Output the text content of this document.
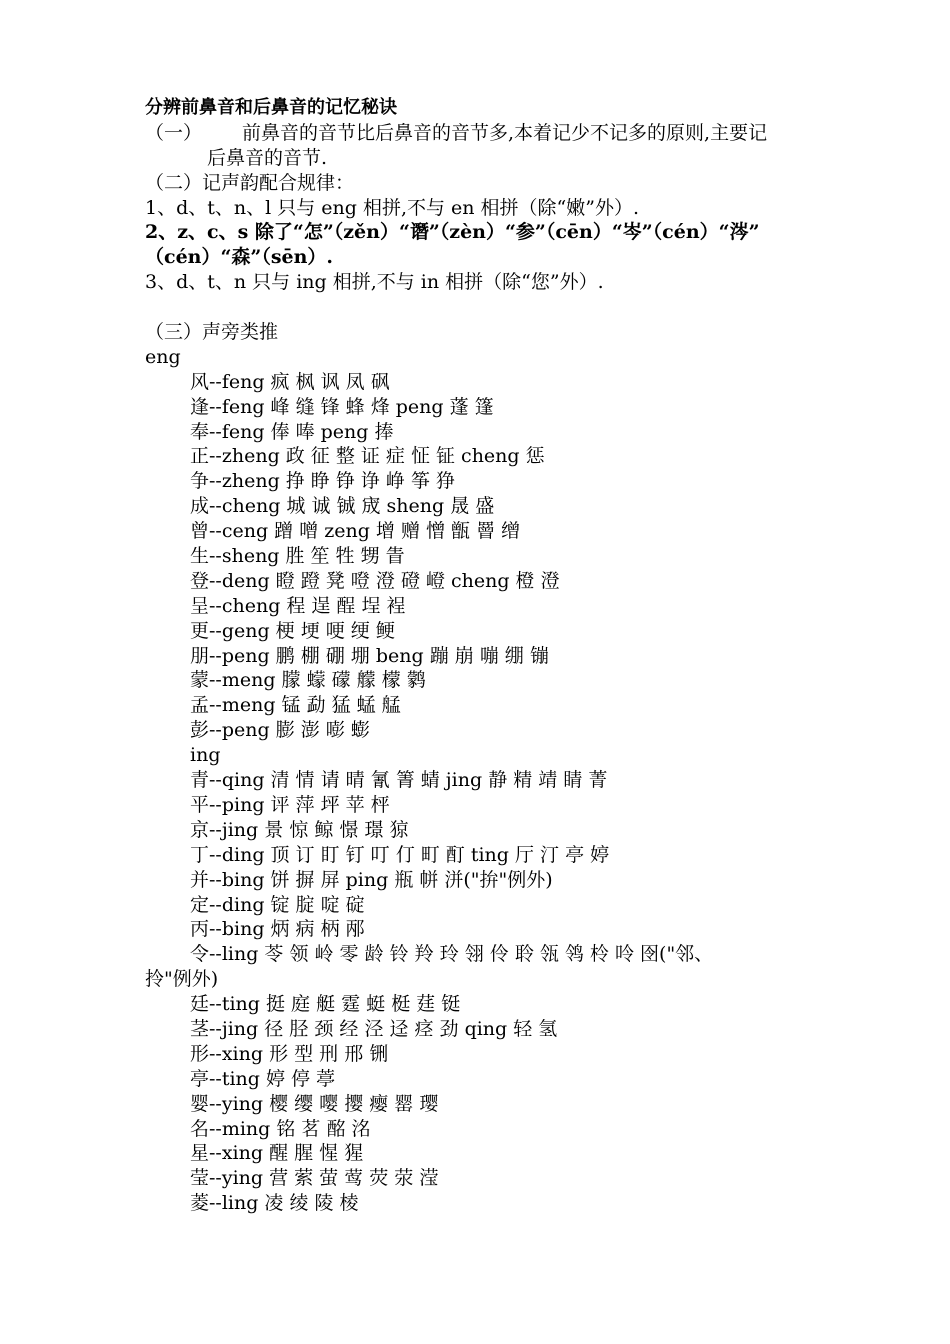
分辨前鼻音和后鼻音的记忆秘诀
（一）	前鼻音的音节比后鼻音的音节多,本着记少不记多的原则,主要记
后鼻音的音节.
（二）记声韵配合规律：
1、d、t、n、l 只与 eng 相拼,不与 en 相拼（除“嫩”外）.
2、z、c、s 除了“怎”（zěn）“谮”（zèn）“参”（cēn）“岑”（cén）“涔”
（cén）“森”（sēn）.
3、d、t、n 只与 ing 相拼,不与 in 相拼（除“您”外）.
（三）声旁类推
eng
风--feng 疯 枫 讽 凤 砜
逢--feng 峰 缝 锋 蜂 烽 peng 蓬 篷
奉--feng 俸 唪 peng 捧
正--zheng 政 征 整 证 症 怔 钲 cheng 惩
争--zheng 挣 睁 铮 诤 峥 筝 狰
成--cheng 城 诚 铖 宬 sheng 晟 盛
曾--ceng 蹭 噌 zeng 增 赠 憎 甑 罾 缯
生--sheng 胜 笙 牲 甥 眚
登--deng 瞪 蹬 凳 噔 澄 磴 嶝 cheng 橙 澄
呈--cheng 程 逞 酲 埕 裎
更--geng 梗 埂 哽 绠 鲠
朋--peng 鹏 棚 硼 堋 beng 蹦 崩 嘣 绷 镚
蒙--meng 朦 蠓 礞 艨 檬 鹲
孟--meng 锰 勐 猛 蜢 艋
彭--peng 膨 澎 嘭 蟛
ing
青--qing 清 情 请 晴 氰 箐 蜻 jing 静 精 靖 睛 菁
平--ping 评 萍 坪 苹 枰
京--jing 景 惊 鲸 憬 璟 猄
丁--ding 顶 订 盯 钉 叮 仃 町 酊 ting 厅 汀 亭 婷
并--bing 饼 摒 屏 ping 瓶 帡 洴("拚"例外)
定--ding 锭 腚 啶 碇
丙--bing 炳 病 柄 邴
令--ling 苓 领 岭 零 龄 铃 羚 玲 翎 伶 聆 瓴 鸰 柃 呤 囹("邻、
拎"例外)
廷--ting 挺 庭 艇 霆 蜓 梃 莛 铤
茎--jing 径 胫 颈 经 泾 迳 痉 劲 qing 轻 氢
形--xing 形 型 刑 邢 铏
亭--ting 婷 停 葶
婴--ying 樱 缨 嘤 撄 瘿 罂 璎
名--ming 铭 茗 酩 洺
星--xing 醒 腥 惺 猩
莹--ying 营 萦 萤 莺 荧 荥 滢
菱--ling 凌 绫 陵 棱
